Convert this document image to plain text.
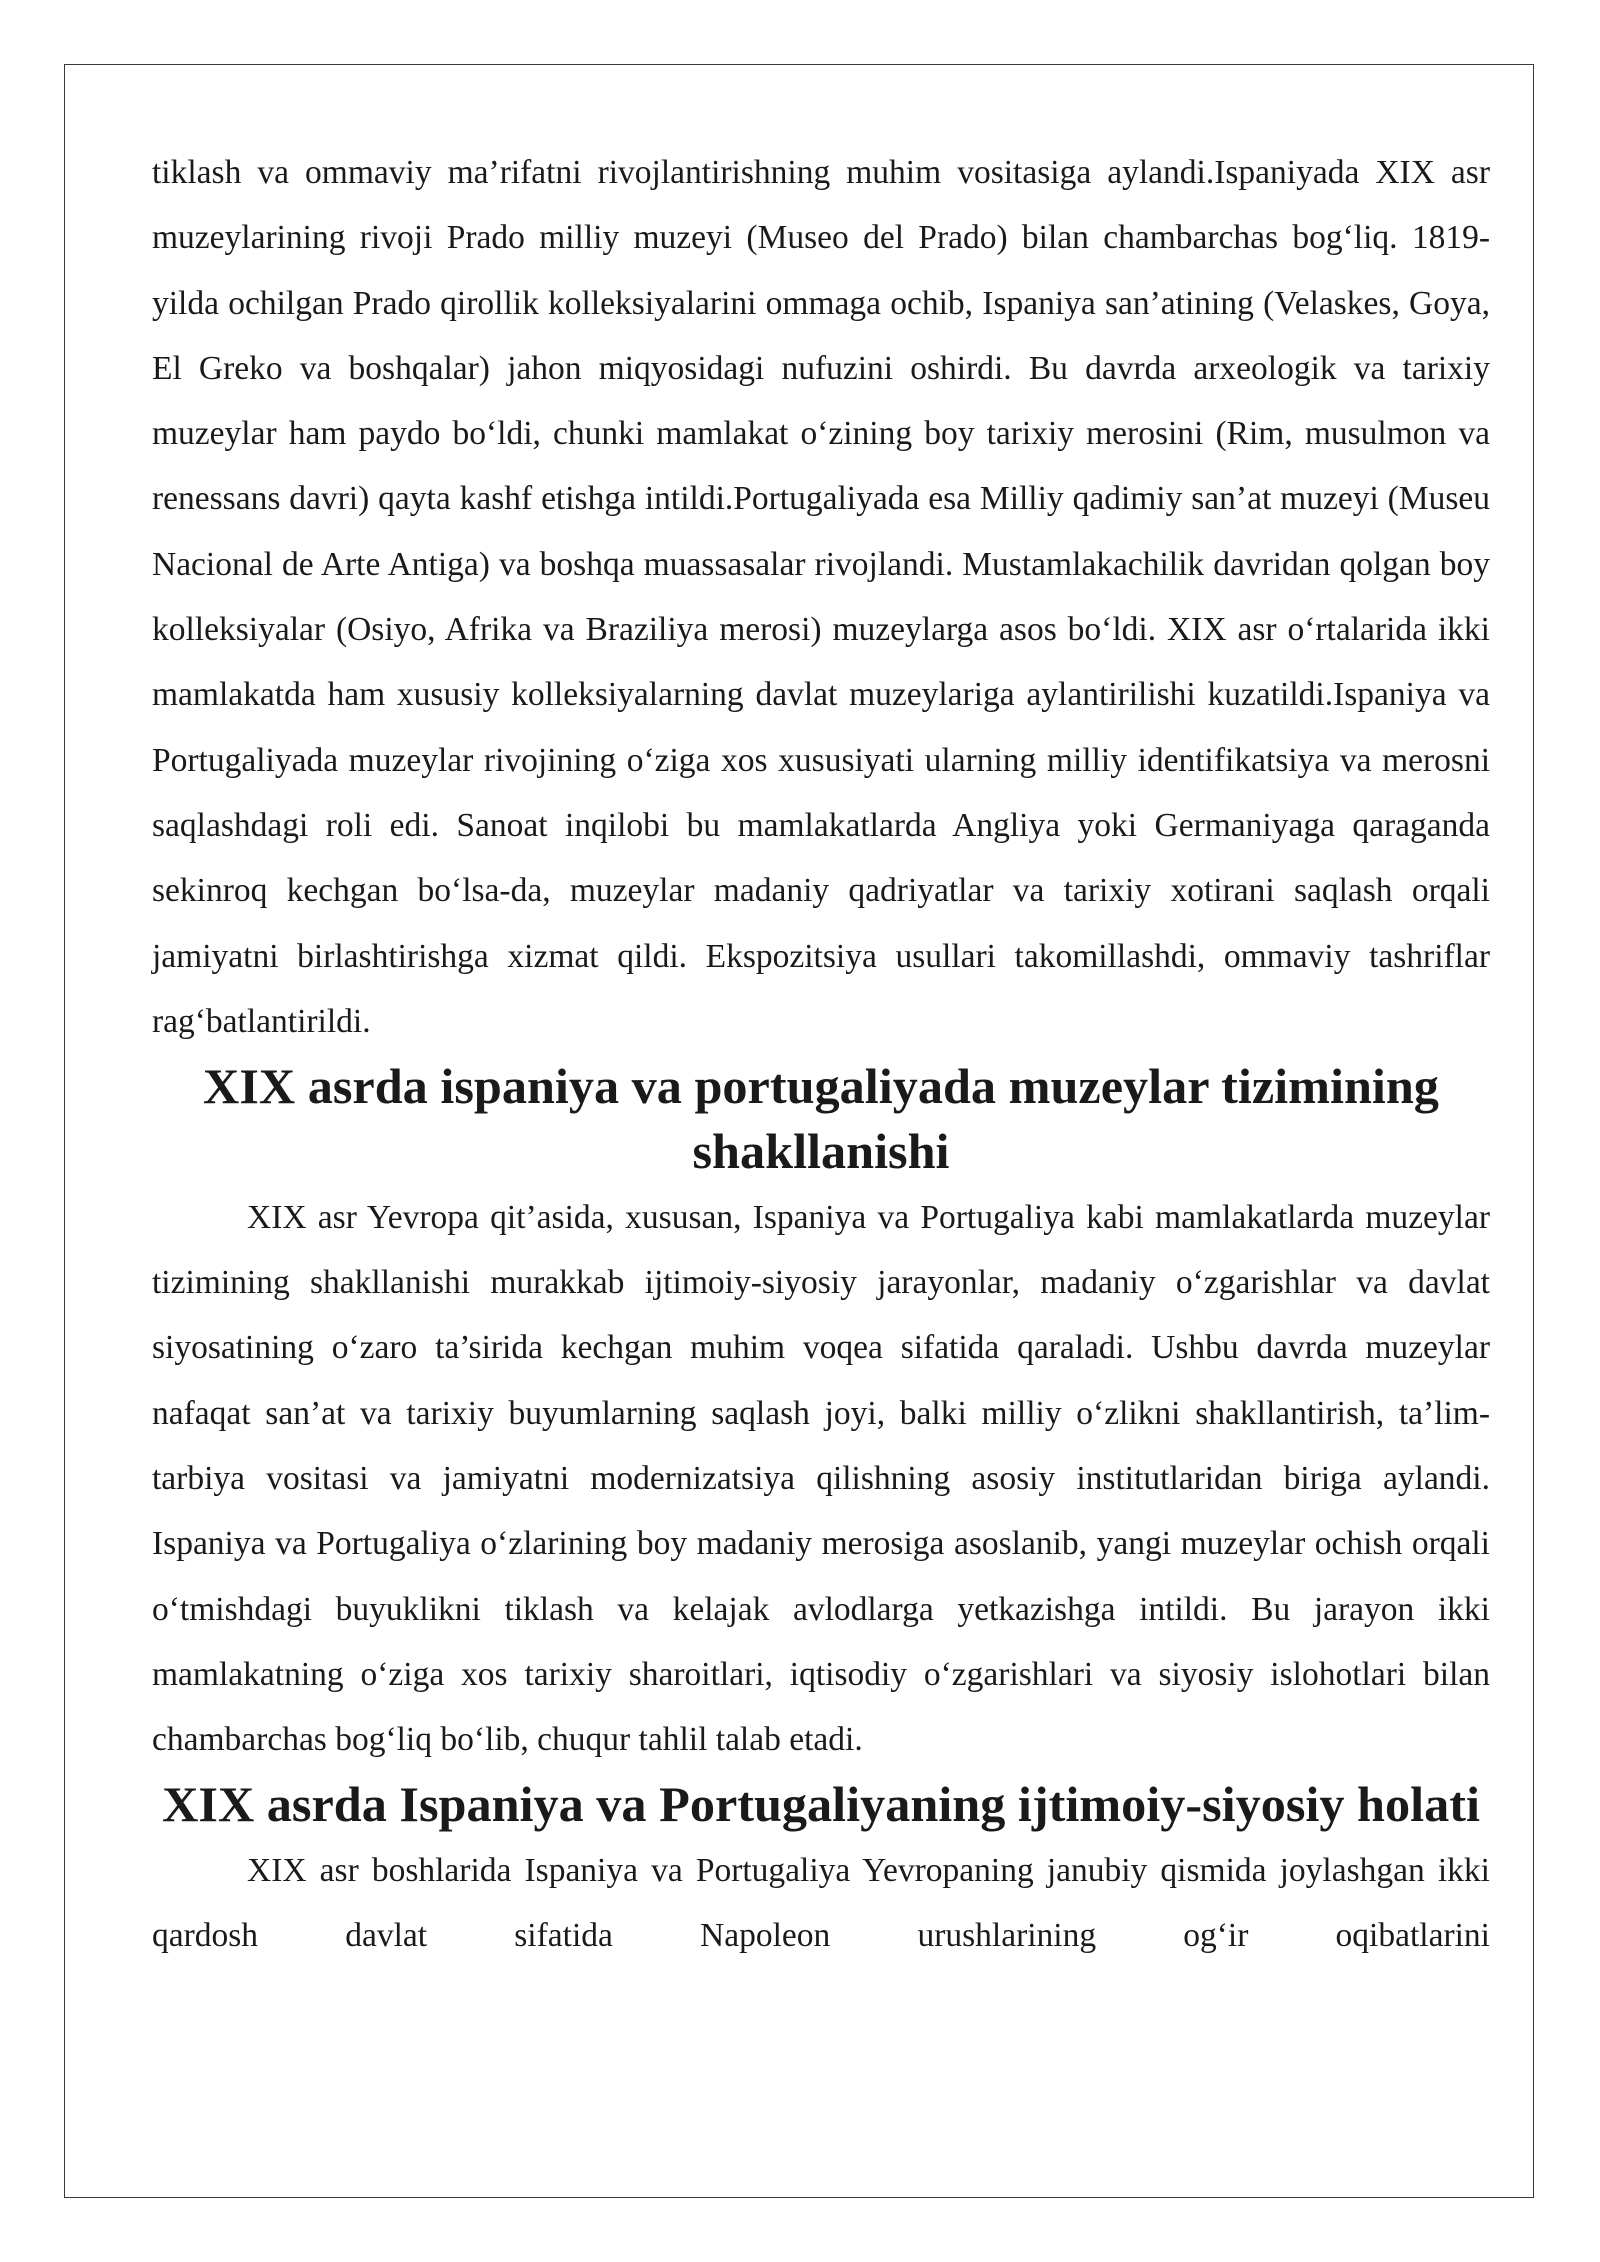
tiklash va ommaviy ma’rifatni rivojlantirishning muhim vositasiga aylandi.Ispaniyada XIX asr muzeylarining rivoji Prado milliy muzeyi (Museo del Prado) bilan chambarchas bog‘liq. 1819-yilda ochilgan Prado qirollik kolleksiyalarini ommaga ochib, Ispaniya san’atining (Velaskes, Goya, El Greko va boshqalar) jahon miqyosidagi nufuzini oshirdi. Bu davrda arxeologik va tarixiy muzeylar ham paydo bo‘ldi, chunki mamlakat o‘zining boy tarixiy merosini (Rim, musulmon va renessans davri) qayta kashf etishga intildi.Portugaliyada esa Milliy qadimiy san’at muzeyi (Museu Nacional de Arte Antiga) va boshqa muassasalar rivojlandi. Mustamlakachilik davridan qolgan boy kolleksiyalar (Osiyo, Afrika va Braziliya merosi) muzeylarga asos bo‘ldi. XIX asr o‘rtalarida ikki mamlakatda ham xususiy kolleksiyalarning davlat muzeylariga aylantirilishi kuzatildi.Ispaniya va Portugaliyada muzeylar rivojining o‘ziga xos xususiyati ularning milliy identifikatsiya va merosni saqlashdagi roli edi. Sanoat inqilobi bu mamlakatlarda Angliya yoki Germaniyaga qaraganda sekinroq kechgan bo‘lsa-da, muzeylar madaniy qadriyatlar va tarixiy xotirani saqlash orqali jamiyatni birlashtirishga xizmat qildi. Ekspozitsiya usullari takomillashdi, ommaviy tashriflar rag‘batlantirildi.

XIX asrda ispaniya va portugaliyada muzeylar tizimining shakllanishi

XIX asr Yevropa qit’asida, xususan, Ispaniya va Portugaliya kabi mamlakatlarda muzeylar tizimining shakllanishi murakkab ijtimoiy-siyosiy jarayonlar, madaniy o‘zgarishlar va davlat siyosatining o‘zaro ta’sirida kechgan muhim voqea sifatida qaraladi. Ushbu davrda muzeylar nafaqat san’at va tarixiy buyumlarning saqlash joyi, balki milliy o‘zlikni shakllantirish, ta’lim-tarbiya vositasi va jamiyatni modernizatsiya qilishning asosiy institutlaridan biriga aylandi. Ispaniya va Portugaliya o‘zlarining boy madaniy merosiga asoslanib, yangi muzeylar ochish orqali o‘tmishdagi buyuklikni tiklash va kelajak avlodlarga yetkazishga intildi. Bu jarayon ikki mamlakatning o‘ziga xos tarixiy sharoitlari, iqtisodiy o‘zgarishlari va siyosiy islohotlari bilan chambarchas bog‘liq bo‘lib, chuqur tahlil talab etadi.

XIX asrda Ispaniya va Portugaliyaning ijtimoiy-siyosiy holati

XIX asr boshlarida Ispaniya va Portugaliya Yevropaning janubiy qismida joylashgan ikki qardosh davlat sifatida Napoleon urushlarining og‘ir oqibatlarini
